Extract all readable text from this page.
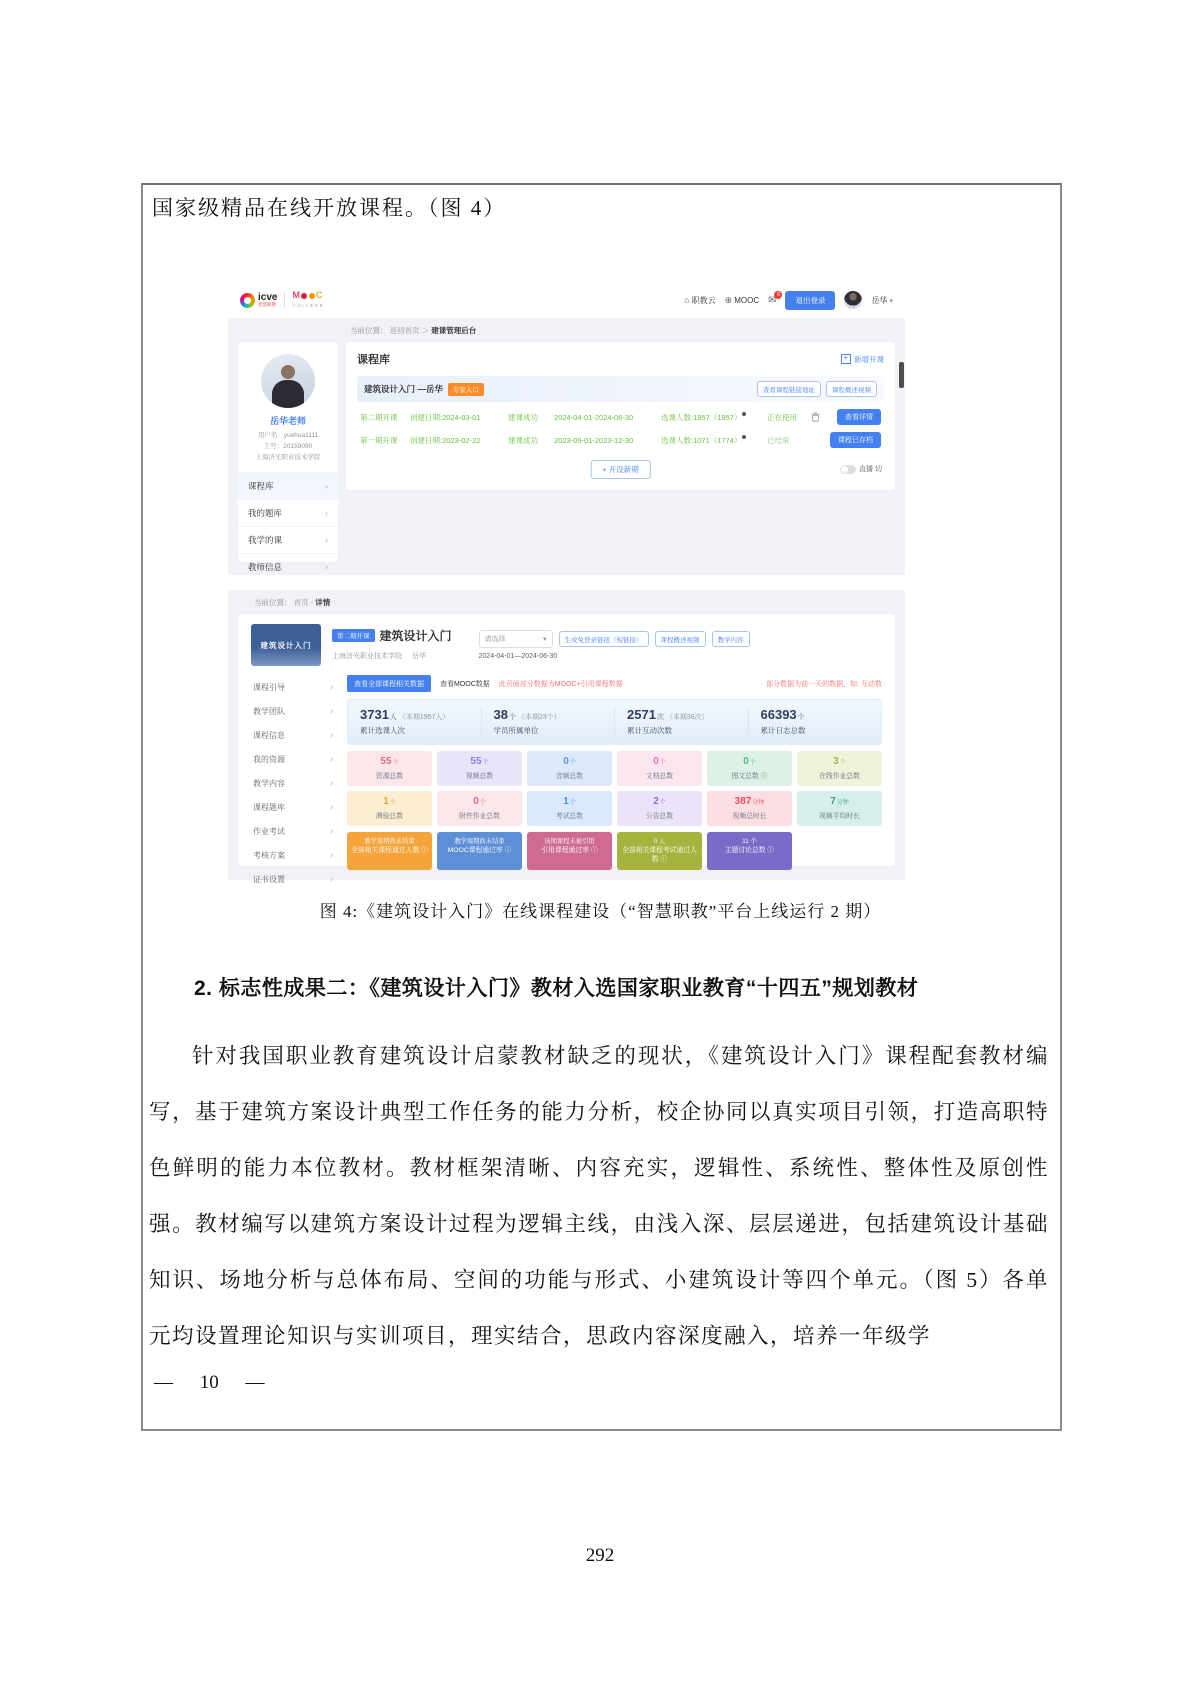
国家级精品在线开放课程。（图 4）
icve
智慧职教
M C
COLLEGE
⌂
职教云 ⊕ MOOC
✉ 6
退出登录	岳华
▾
当前位置： 返回首页 ＞ 建课管理后台
岳华老师
用户名：yuehua1111
工号：20159090
上海济光职业技术学院
课程库
›
我的题库
›
我学的课
›
教师信息
›
课程库 +	新增开课
建筑设计入门 —岳华	专家入口	查看课程链接地址	课程概述视频
第二期开课	创建日期:2024-03-01	建课成功	2024-04-01-2024-06-30	选课人数:1957（1957）	正在使用	查看详情
第一期开课	创建日期:2023-02-22	建课成功	2023-09-01-2023-12-30	选课人数:1071（1774）	已结束	课程已存档
+ 开设新期	直播 切
当前位置： 首页 - 详情
建筑设计入门
第二期开课 建筑设计入门
上海济光职业技术学院 岳华
请选择 ▾	生成免登录链接（短链接）	课程概述视频	教学内容
2024-04-01—2024-06-30
课程引导
›
教学团队
›
课程信息
›
我的资源
›
教学内容
›
课程题库
›
作业考试
›
考核方案
›
证书设置
›
查看全部课程相关数据	查看MOOC数据 此页面部分数据为MOOC+引用课程数据	部分数据为前一天的数据，如: 互动数
3731人 （本期1957人）
累计选课人次
38个 （本期23个）
学员所属单位
2571次 （本期36次）
累计互动次数
66393个
累计日志总数
55个
资源总数
55个
视频总数
0个
音频总数
0个
文档总数
0个
图文总数 ⓘ
3个
在线作业总数
1个
测验总数
0个
附件作业总数
1个
考试总数
2个
公告总数
387分钟
视频总时长
7分钟
视频平均时长
教学周期尚未结束
全部相关课程通过人数 ⓘ
教学周期尚未结束
MOOC课程通过率 ⓘ
该期课程未被引用
引用课程通过率 ⓘ
0 人
全部相关课程考试通过人数 ⓘ
11 个
主题讨论总数 ⓘ
图 4:《建筑设计入门》在线课程建设（“智慧职教”平台上线运行 2 期）
2. 标志性成果二：《建筑设计入门》教材入选国家职业教育“十四五”规划教材
针对我国职业教育建筑设计启蒙教材缺乏的现状，《建筑设计入门》课程配套教材编写，基于建筑方案设计典型工作任务的能力分析，校企协同以真实项目引领，打造高职特色鲜明的能力本位教材。教材框架清晰、内容充实，逻辑性、系统性、整体性及原创性强。教材编写以建筑方案设计过程为逻辑主线，由浅入深、层层递进，包括建筑设计基础知识、场地分析与总体布局、空间的功能与形式、小建筑设计等四个单元。（图 5）各单元均设置理论知识与实训项目，理实结合，思政内容深度融入，培养一年级学
— 10 —
292
